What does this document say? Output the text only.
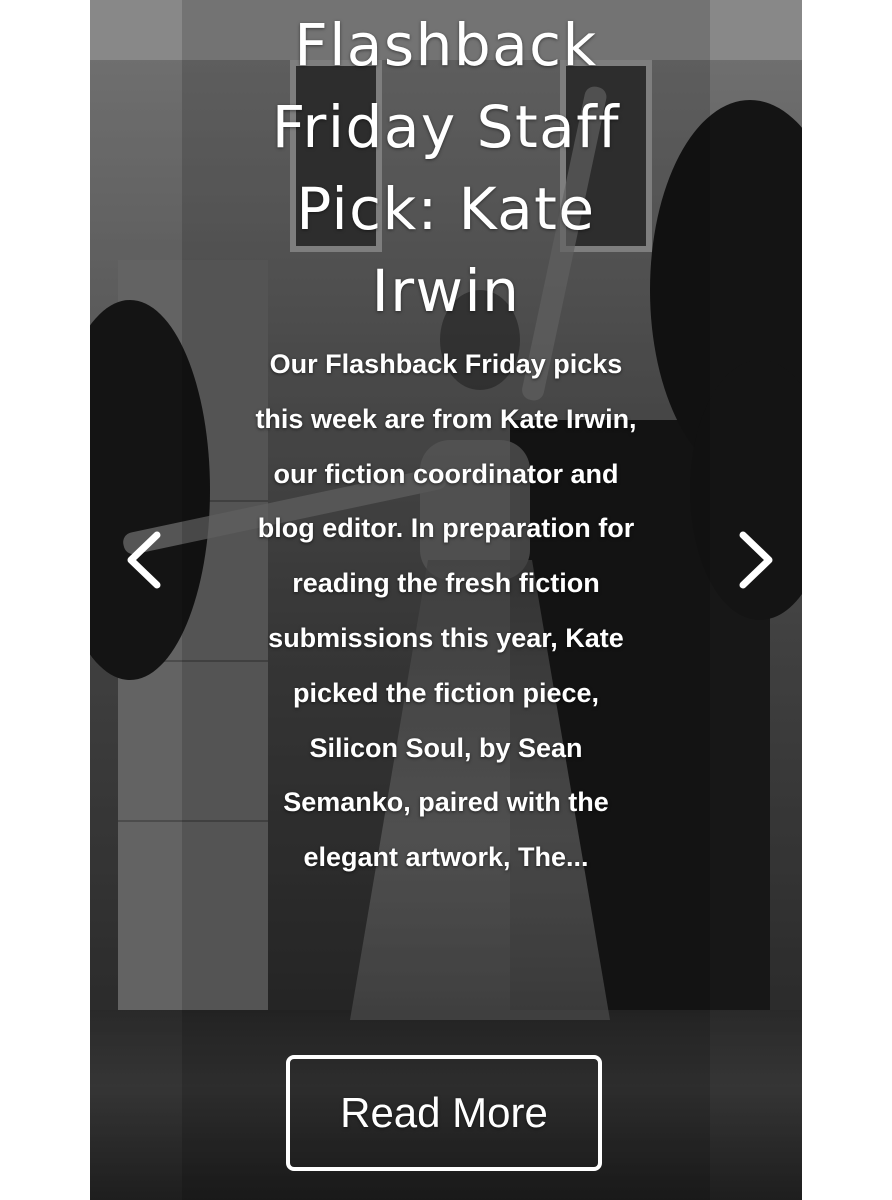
Flashback Friday Staff Pick: Kate Irwin

Our Flashback Friday picks this week are from Kate Irwin, our fiction coordinator and blog editor. In preparation for reading the fresh fiction submissions this year, Kate picked the fiction piece, Silicon Soul, by Sean Semanko, paired with the elegant artwork, The...

Read More
